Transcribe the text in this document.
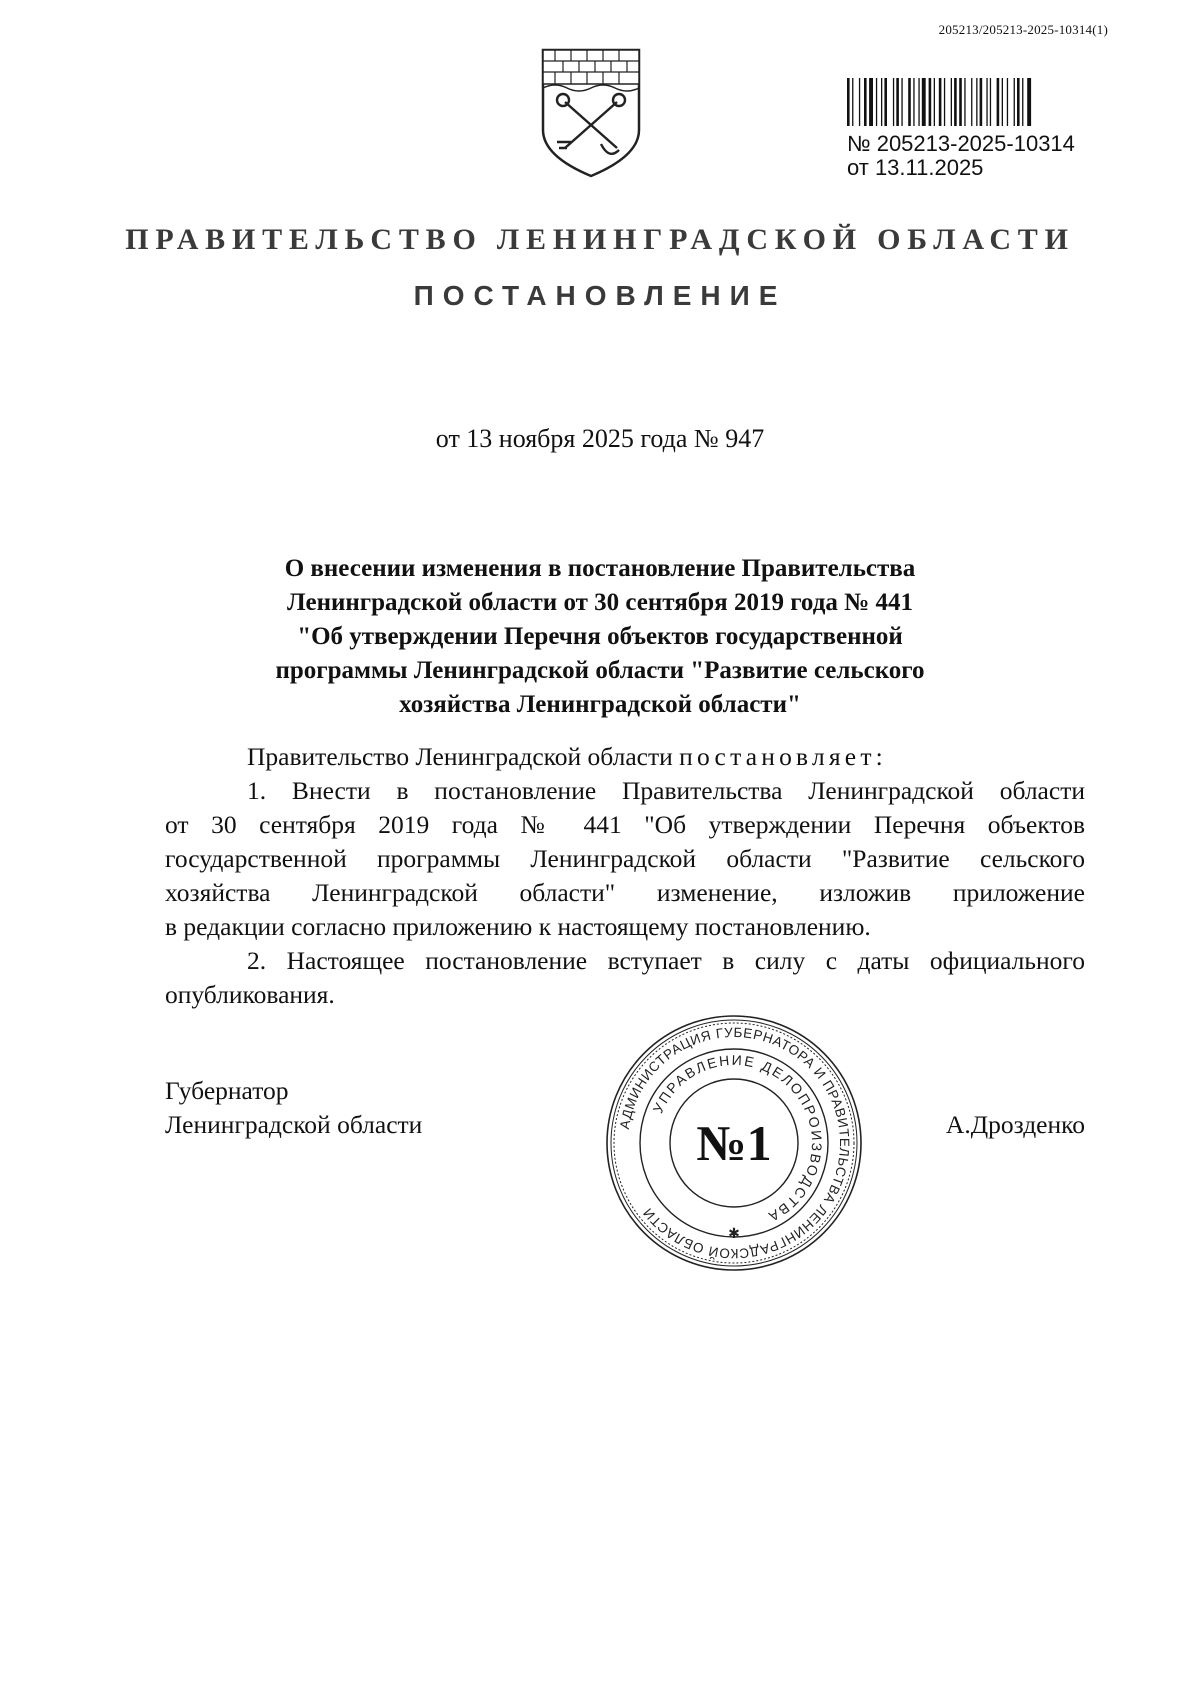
205213/205213-2025-10314(1)

№ 205213-2025-10314

от 13.11.2025

ПРАВИТЕЛЬСТВО ЛЕНИНГРАДСКОЙ ОБЛАСТИ
ПОСТАНОВЛЕНИЕ
от 13 ноября 2025 года № 947
О внесении изменения в постановление Правительства
Ленинградской области от 30 сентября 2019 года № 441
"Об утверждении Перечня объектов государственной
программы Ленинградской области "Развитие сельского
хозяйства Ленинградской области"
Правительство Ленинградской области постановляет:
1. Внести в постановление Правительства Ленинградской области
от 30 сентября 2019 года № 441 "Об утверждении Перечня объектов
государственной программы Ленинградской области "Развитие сельского
хозяйства Ленинградской области" изменение, изложив приложение
в редакции согласно приложению к настоящему постановлению.
2. Настоящее постановление вступает в силу с даты официального
опубликования.
Губернатор
Ленинградской области	А.Дрозденко
АДМИНИСТРАЦИЯ ГУБЕРНАТОРА И ПРАВИТЕЛЬСТВА ЛЕНИНГРАДСКОЙ ОБЛАСТИ
УПРАВЛЕНИЕ ДЕЛОПРОИЗВОДСТВА
№1
✱
